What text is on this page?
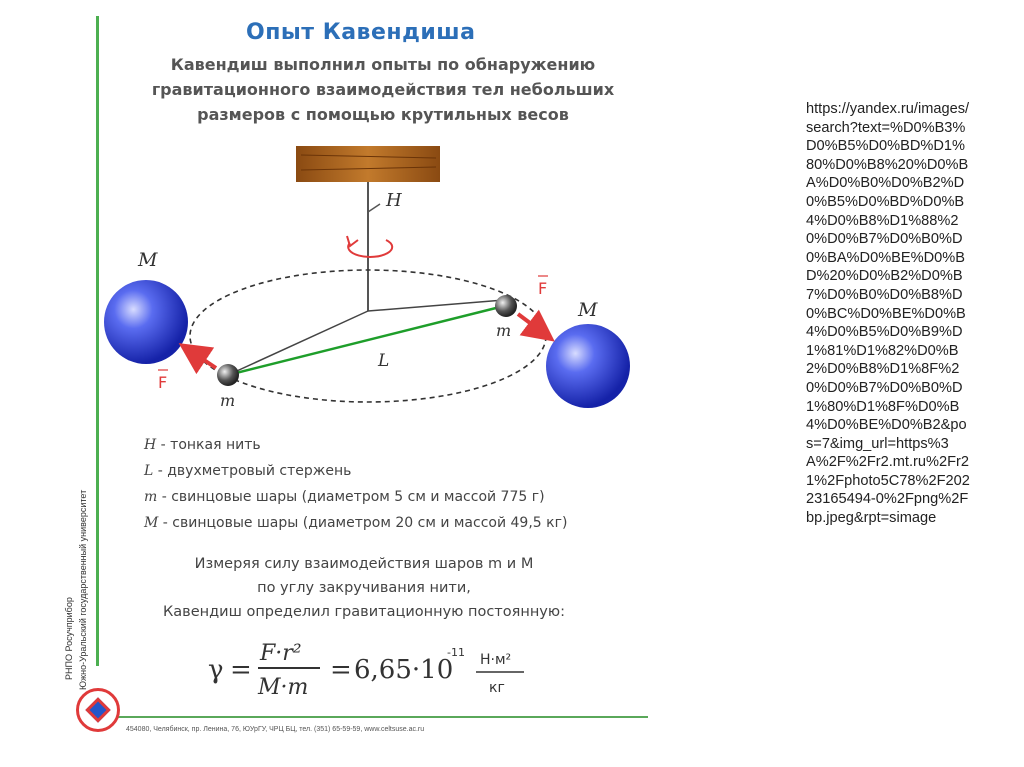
Южно-Уральский государственный университет
РНПО Росучприбор
Опыт Кавендиша
Кавендиш выполнил опыты по обнаружению гравитационного взаимодействия тел небольших размеров с помощью крутильных весов
H
M
M
m
m
L
F
F
H - тонкая нить
L - двухметровый стержень
m - свинцовые шары (диаметром 5 см и массой 775 г)
M - свинцовые шары (диаметром 20 см и массой 49,5 кг)
Измеряя силу взаимодействия шаров m и M
по углу закручивания нити,
Кавендиш определил гравитационную постоянную:
γ =
F·r²
M·m
= 6,65·10
-11 Н·м²
кг
454080, Челябинск, пр. Ленина, 76, ЮУрГУ, ЧРЦ БЦ, тел. (351) 65-59-59, www.celtsuse.ac.ru
https://yandex.ru/images/search?text=%D0%B3%D0%B5%D0%BD%D1%80%D0%B8%20%D0%BA%D0%B0%D0%B2%D0%B5%D0%BD%D0%B4%D0%B8%D1%88%20%D0%B7%D0%B0%D0%BA%D0%BE%D0%BD%20%D0%B2%D0%B7%D0%B0%D0%B8%D0%BC%D0%BE%D0%B4%D0%B5%D0%B9%D1%81%D1%82%D0%B2%D0%B8%D1%8F%20%D0%B7%D0%B0%D1%80%D1%8F%D0%B4%D0%BE%D0%B2&pos=7&img_url=https%3A%2F%2Fr2.mt.ru%2Fr21%2Fphoto5C78%2F20223165494-0%2Fpng%2Fbp.jpeg&rpt=simage
